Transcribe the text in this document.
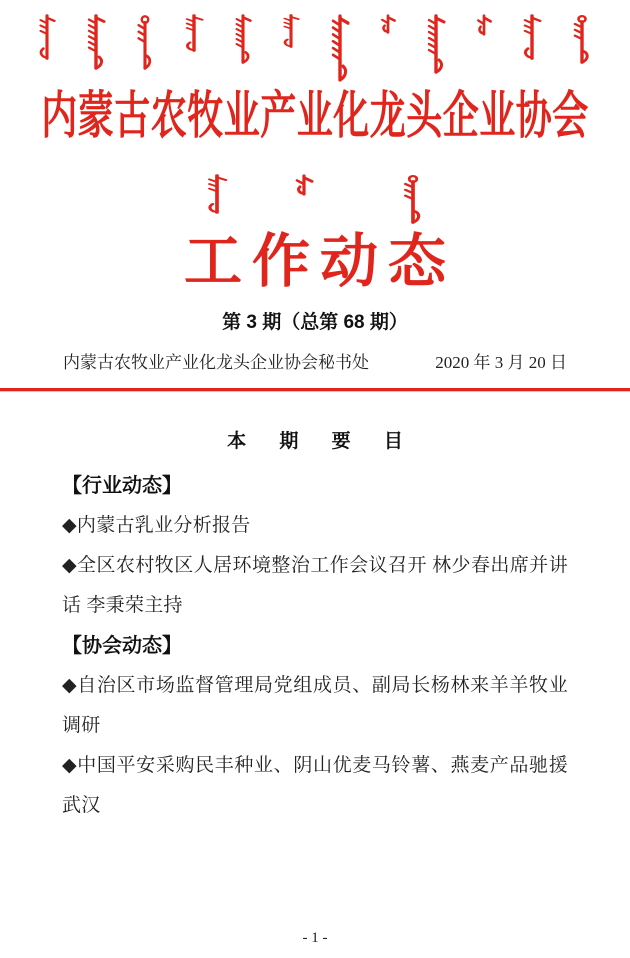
内蒙古农牧业产业化龙头企业协会
工作动态
第 3 期（总第 68 期）
内蒙古农牧业产业化龙头企业协会秘书处	2020 年 3 月 20 日
本 期 要 目
【行业动态】

◆内蒙古乳业分析报告

◆全区农村牧区人居环境整治工作会议召开 林少春出席并讲话 李秉荣主持

【协会动态】

◆自治区市场监督管理局党组成员、副局长杨林来羊羊牧业调研

◆中国平安采购民丰种业、阴山优麦马铃薯、燕麦产品驰援武汉

- 1 -
